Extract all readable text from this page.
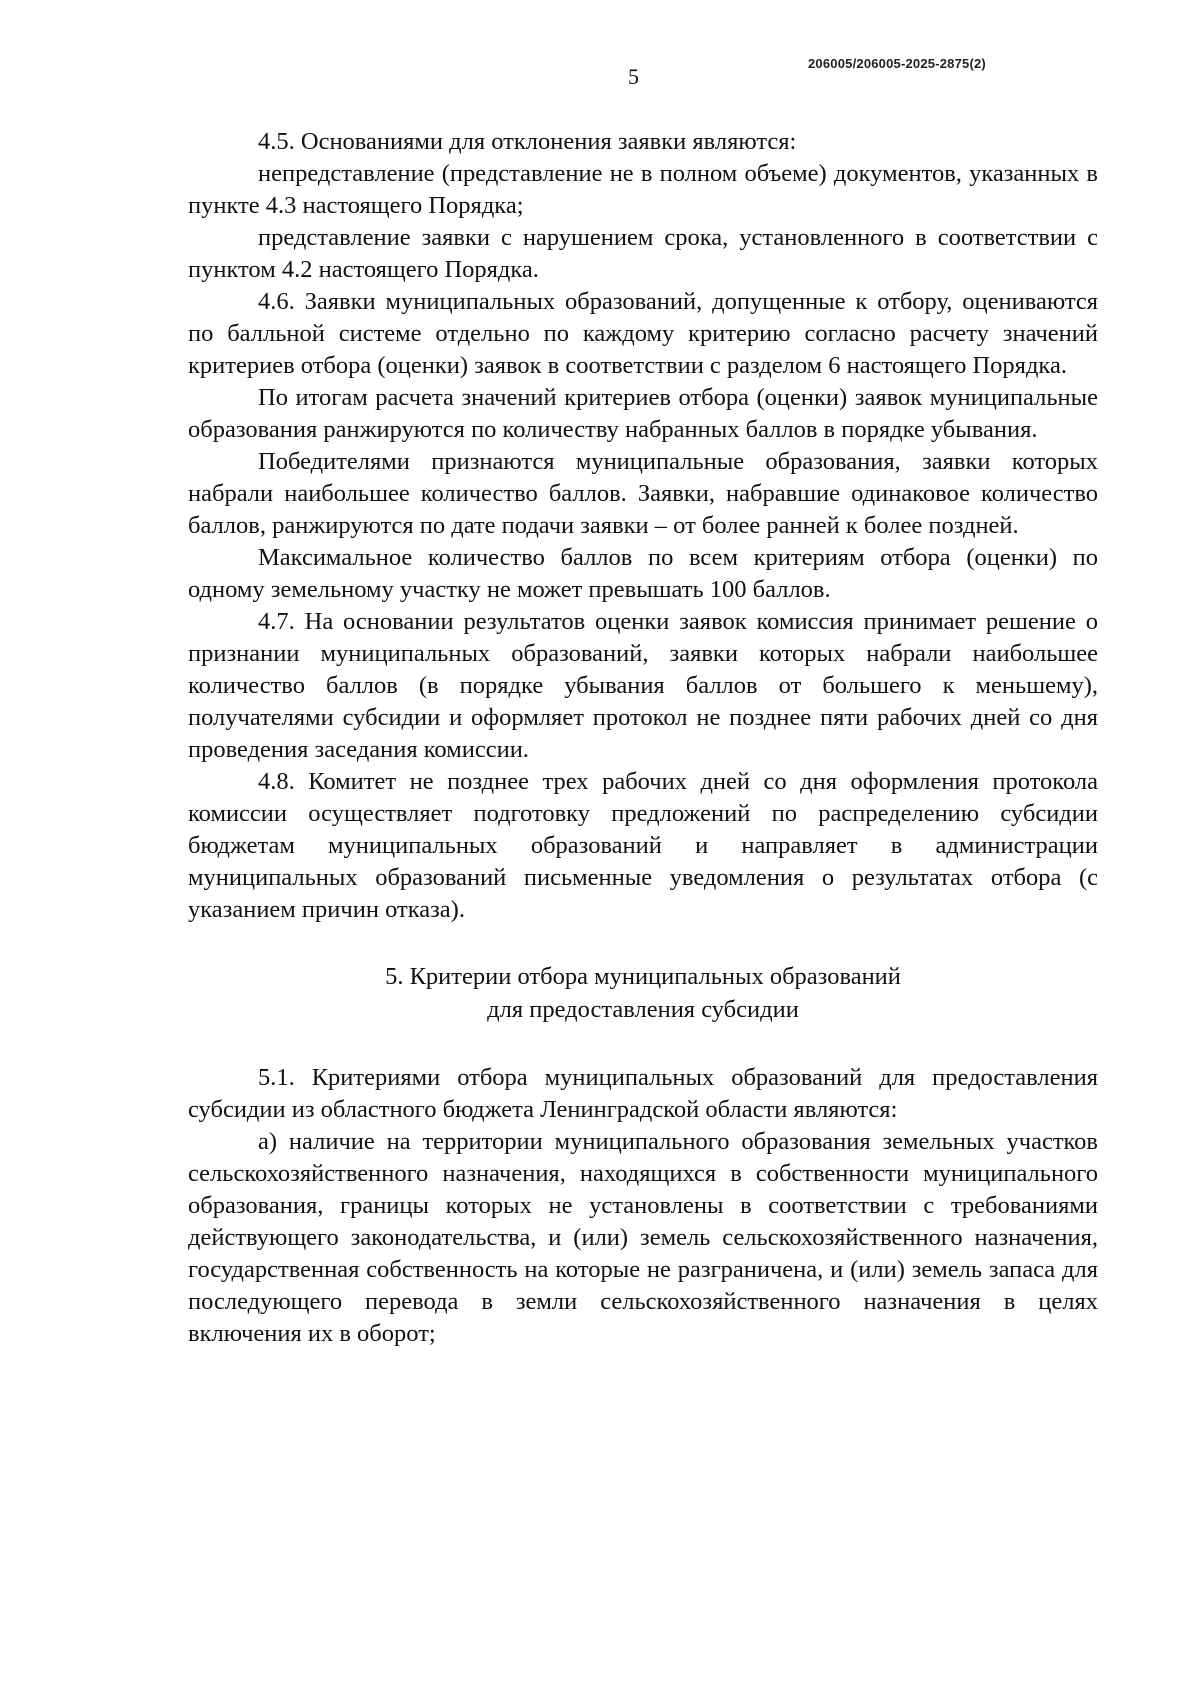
206005/206005-2025-2875(2)
5

4.5. Основаниями для отклонения заявки являются:

непредставление (представление не в полном объеме) документов, указанных в пункте 4.3 настоящего Порядка;

представление заявки с нарушением срока, установленного в соответствии с пунктом 4.2 настоящего Порядка.

4.6. Заявки муниципальных образований, допущенные к отбору, оцениваются по балльной системе отдельно по каждому критерию согласно расчету значений критериев отбора (оценки) заявок в соответствии с разделом 6 настоящего Порядка.

По итогам расчета значений критериев отбора (оценки) заявок муниципальные образования ранжируются по количеству набранных баллов в порядке убывания.

Победителями признаются муниципальные образования, заявки которых набрали наибольшее количество баллов. Заявки, набравшие одинаковое количество баллов, ранжируются по дате подачи заявки – от более ранней к более поздней.

Максимальное количество баллов по всем критериям отбора (оценки) по одному земельному участку не может превышать 100 баллов.

4.7. На основании результатов оценки заявок комиссия принимает решение о признании муниципальных образований, заявки которых набрали наибольшее количество баллов (в порядке убывания баллов от большего к меньшему), получателями субсидии и оформляет протокол не позднее пяти рабочих дней со дня проведения заседания комиссии.

4.8. Комитет не позднее трех рабочих дней со дня оформления протокола комиссии осуществляет подготовку предложений по распределению субсидии бюджетам муниципальных образований и направляет в администрации муниципальных образований письменные уведомления о результатах отбора (с указанием причин отказа).

5. Критерии отбора муниципальных образований
для предоставления субсидии

5.1. Критериями отбора муниципальных образований для предоставления субсидии из областного бюджета Ленинградской области являются:

а) наличие на территории муниципального образования земельных участков сельскохозяйственного назначения, находящихся в собственности муниципального образования, границы которых не установлены в соответствии с требованиями действующего законодательства, и (или) земель сельскохозяйственного назначения, государственная собственность на которые не разграничена, и (или) земель запаса для последующего перевода в земли сельскохозяйственного назначения в целях включения их в оборот;
